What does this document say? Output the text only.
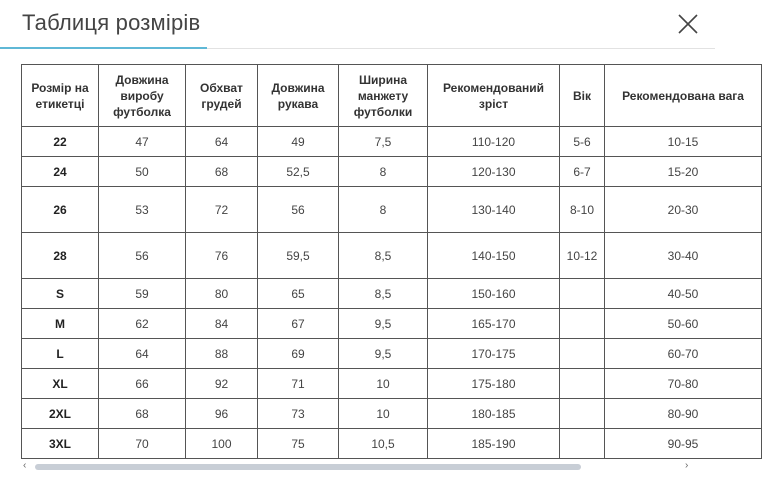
Таблиця розмірів
Розмір на етикетці	Довжина виробу футболка	Обхват грудей	Довжина рукава	Ширина манжету футболки	Рекомендований зріст	Вік	Рекомендована вага
22	47	64	49	7,5	110-120	5-6	10-15
24	50	68	52,5	8	120-130	6-7	15-20
26	53	72	56	8	130-140	8-10	20-30
28	56	76	59,5	8,5	140-150	10-12	30-40
S	59	80	65	8,5	150-160		40-50
M	62	84	67	9,5	165-170		50-60
L	64	88	69	9,5	170-175		60-70
XL	66	92	71	10	175-180		70-80
2XL	68	96	73	10	180-185		80-90
3XL	70	100	75	10,5	185-190		90-95
‹	›
